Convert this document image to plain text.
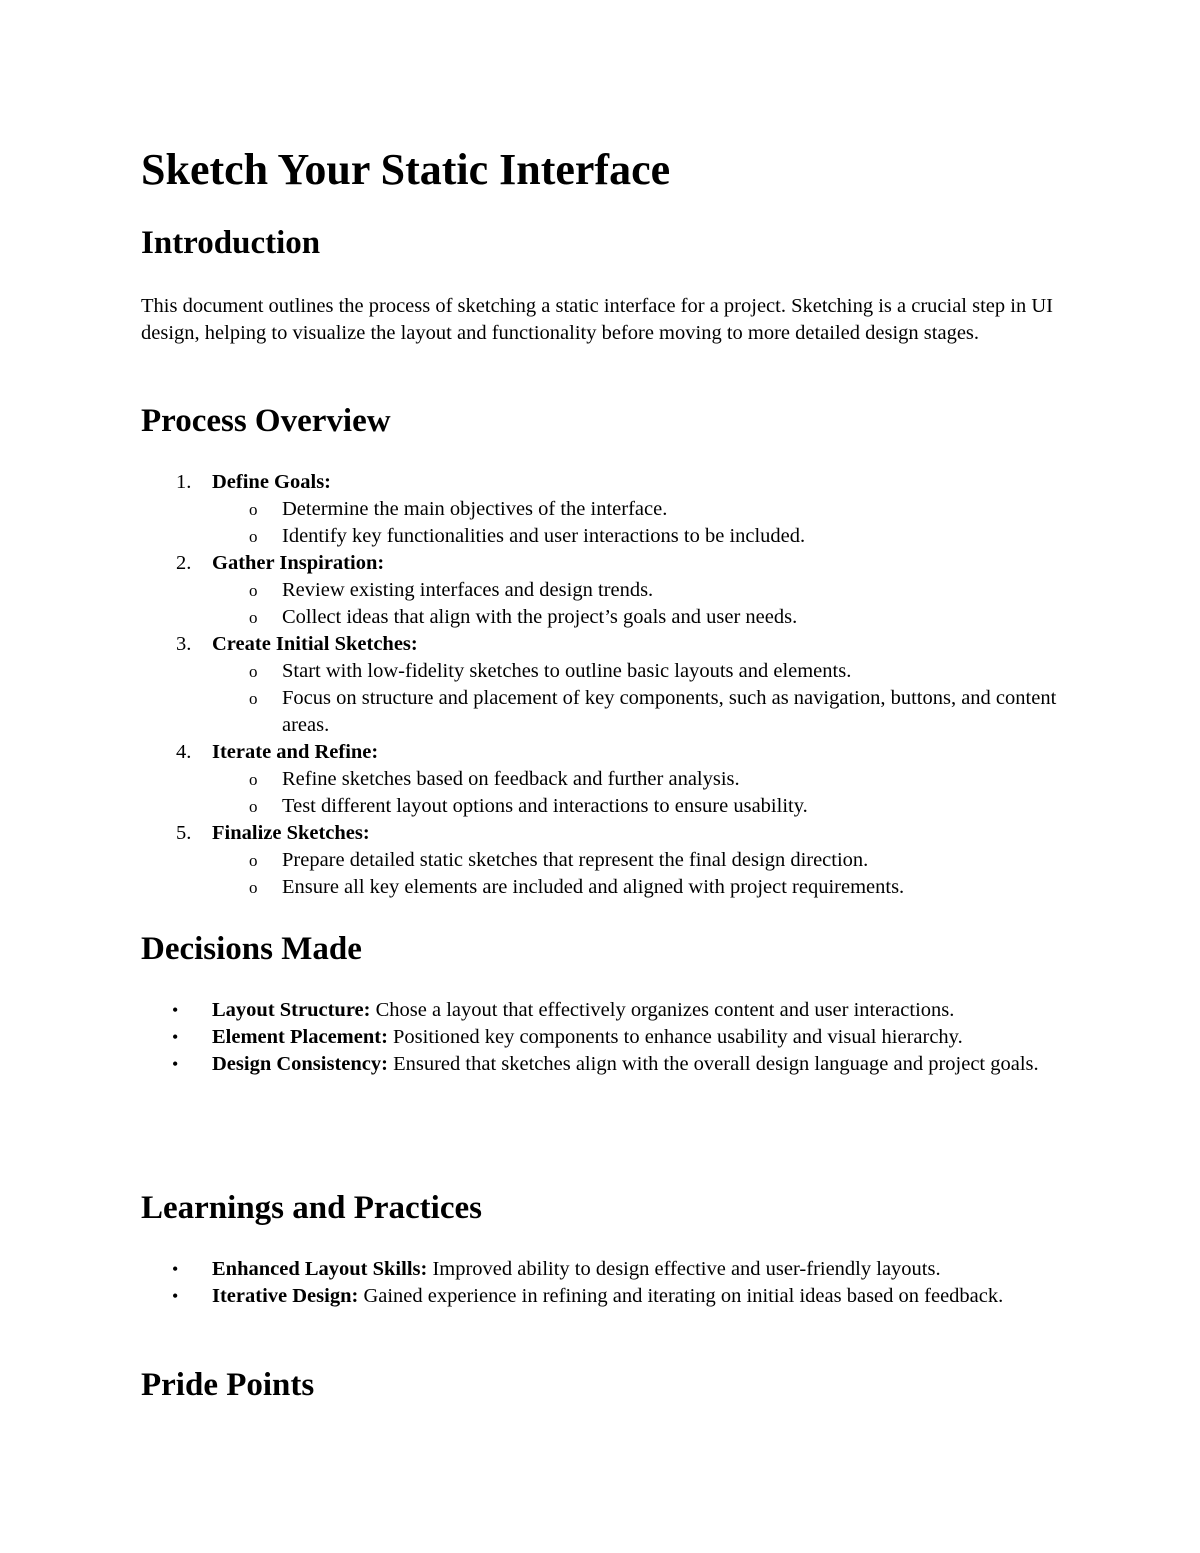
Sketch Your Static Interface
Introduction

This document outlines the process of sketching a static interface for a project. Sketching is a crucial step in UI design, helping to visualize the layout and functionality before moving to more detailed design stages.

Process Overview
1. Define Goals:
o Determine the main objectives of the interface.
o Identify key functionalities and user interactions to be included.
2. Gather Inspiration:
o Review existing interfaces and design trends.
o Collect ideas that align with the project’s goals and user needs.
3. Create Initial Sketches:
o Start with low-fidelity sketches to outline basic layouts and elements.
o Focus on structure and placement of key components, such as navigation, buttons, and content areas.
4. Iterate and Refine:
o Refine sketches based on feedback and further analysis.
o Test different layout options and interactions to ensure usability.
5. Finalize Sketches:
o Prepare detailed static sketches that represent the final design direction.
o Ensure all key elements are included and aligned with project requirements.
Decisions Made
• Layout Structure: Chose a layout that effectively organizes content and user interactions.
• Element Placement: Positioned key components to enhance usability and visual hierarchy.
• Design Consistency: Ensured that sketches align with the overall design language and project goals.
Learnings and Practices
• Enhanced Layout Skills: Improved ability to design effective and user-friendly layouts.
• Iterative Design: Gained experience in refining and iterating on initial ideas based on feedback.
Pride Points
